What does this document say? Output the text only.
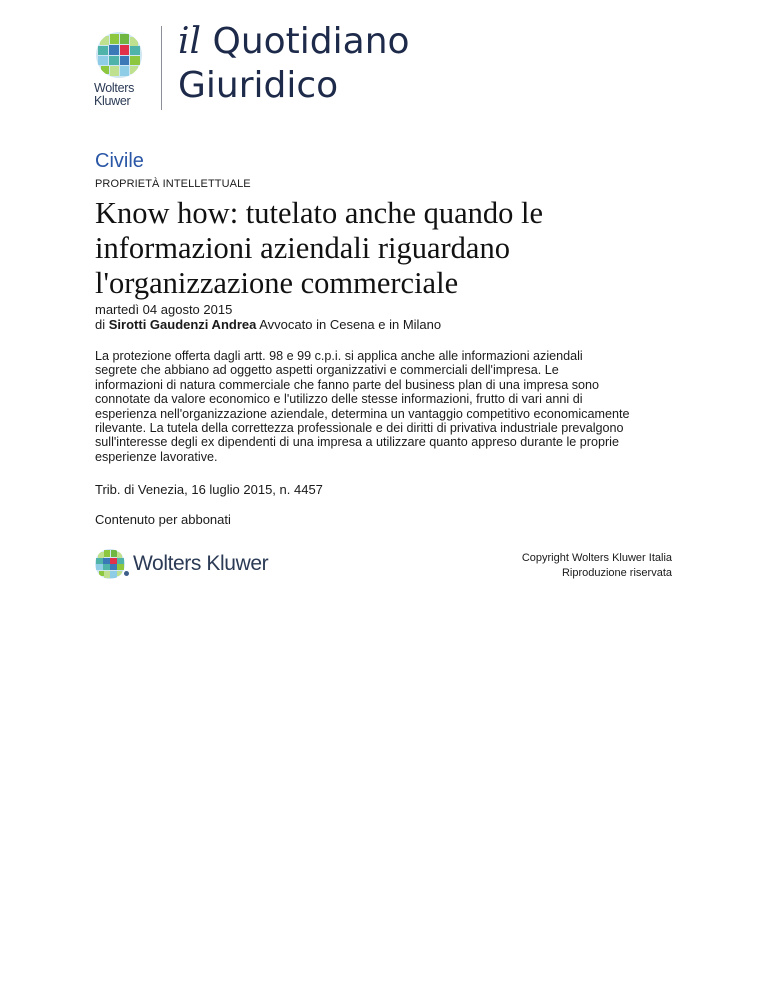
Wolters
Kluwer
il Quotidiano
Giuridico
Civile
PROPRIETÀ INTELLETTUALE
Know how: tutelato anche quando le
informazioni aziendali riguardano
l'organizzazione commerciale
martedì 04 agosto 2015
di Sirotti Gaudenzi Andrea Avvocato in Cesena e in Milano

La protezione offerta dagli artt. 98 e 99 c.p.i. si applica anche alle informazioni aziendali
segrete che abbiano ad oggetto aspetti organizzativi e commerciali dell'impresa. Le
informazioni di natura commerciale che fanno parte del business plan di una impresa sono
connotate da valore economico e l'utilizzo delle stesse informazioni, frutto di vari anni di
esperienza nell'organizzazione aziendale, determina un vantaggio competitivo economicamente
rilevante. La tutela della correttezza professionale e dei diritti di privativa industriale prevalgono
sull'interesse degli ex dipendenti di una impresa a utilizzare quanto appreso durante le proprie
esperienze lavorative.

Trib. di Venezia, 16 luglio 2015, n. 4457
Contenuto per abbonati
Wolters Kluwer	Copyright Wolters Kluwer Italia
Riproduzione riservata
